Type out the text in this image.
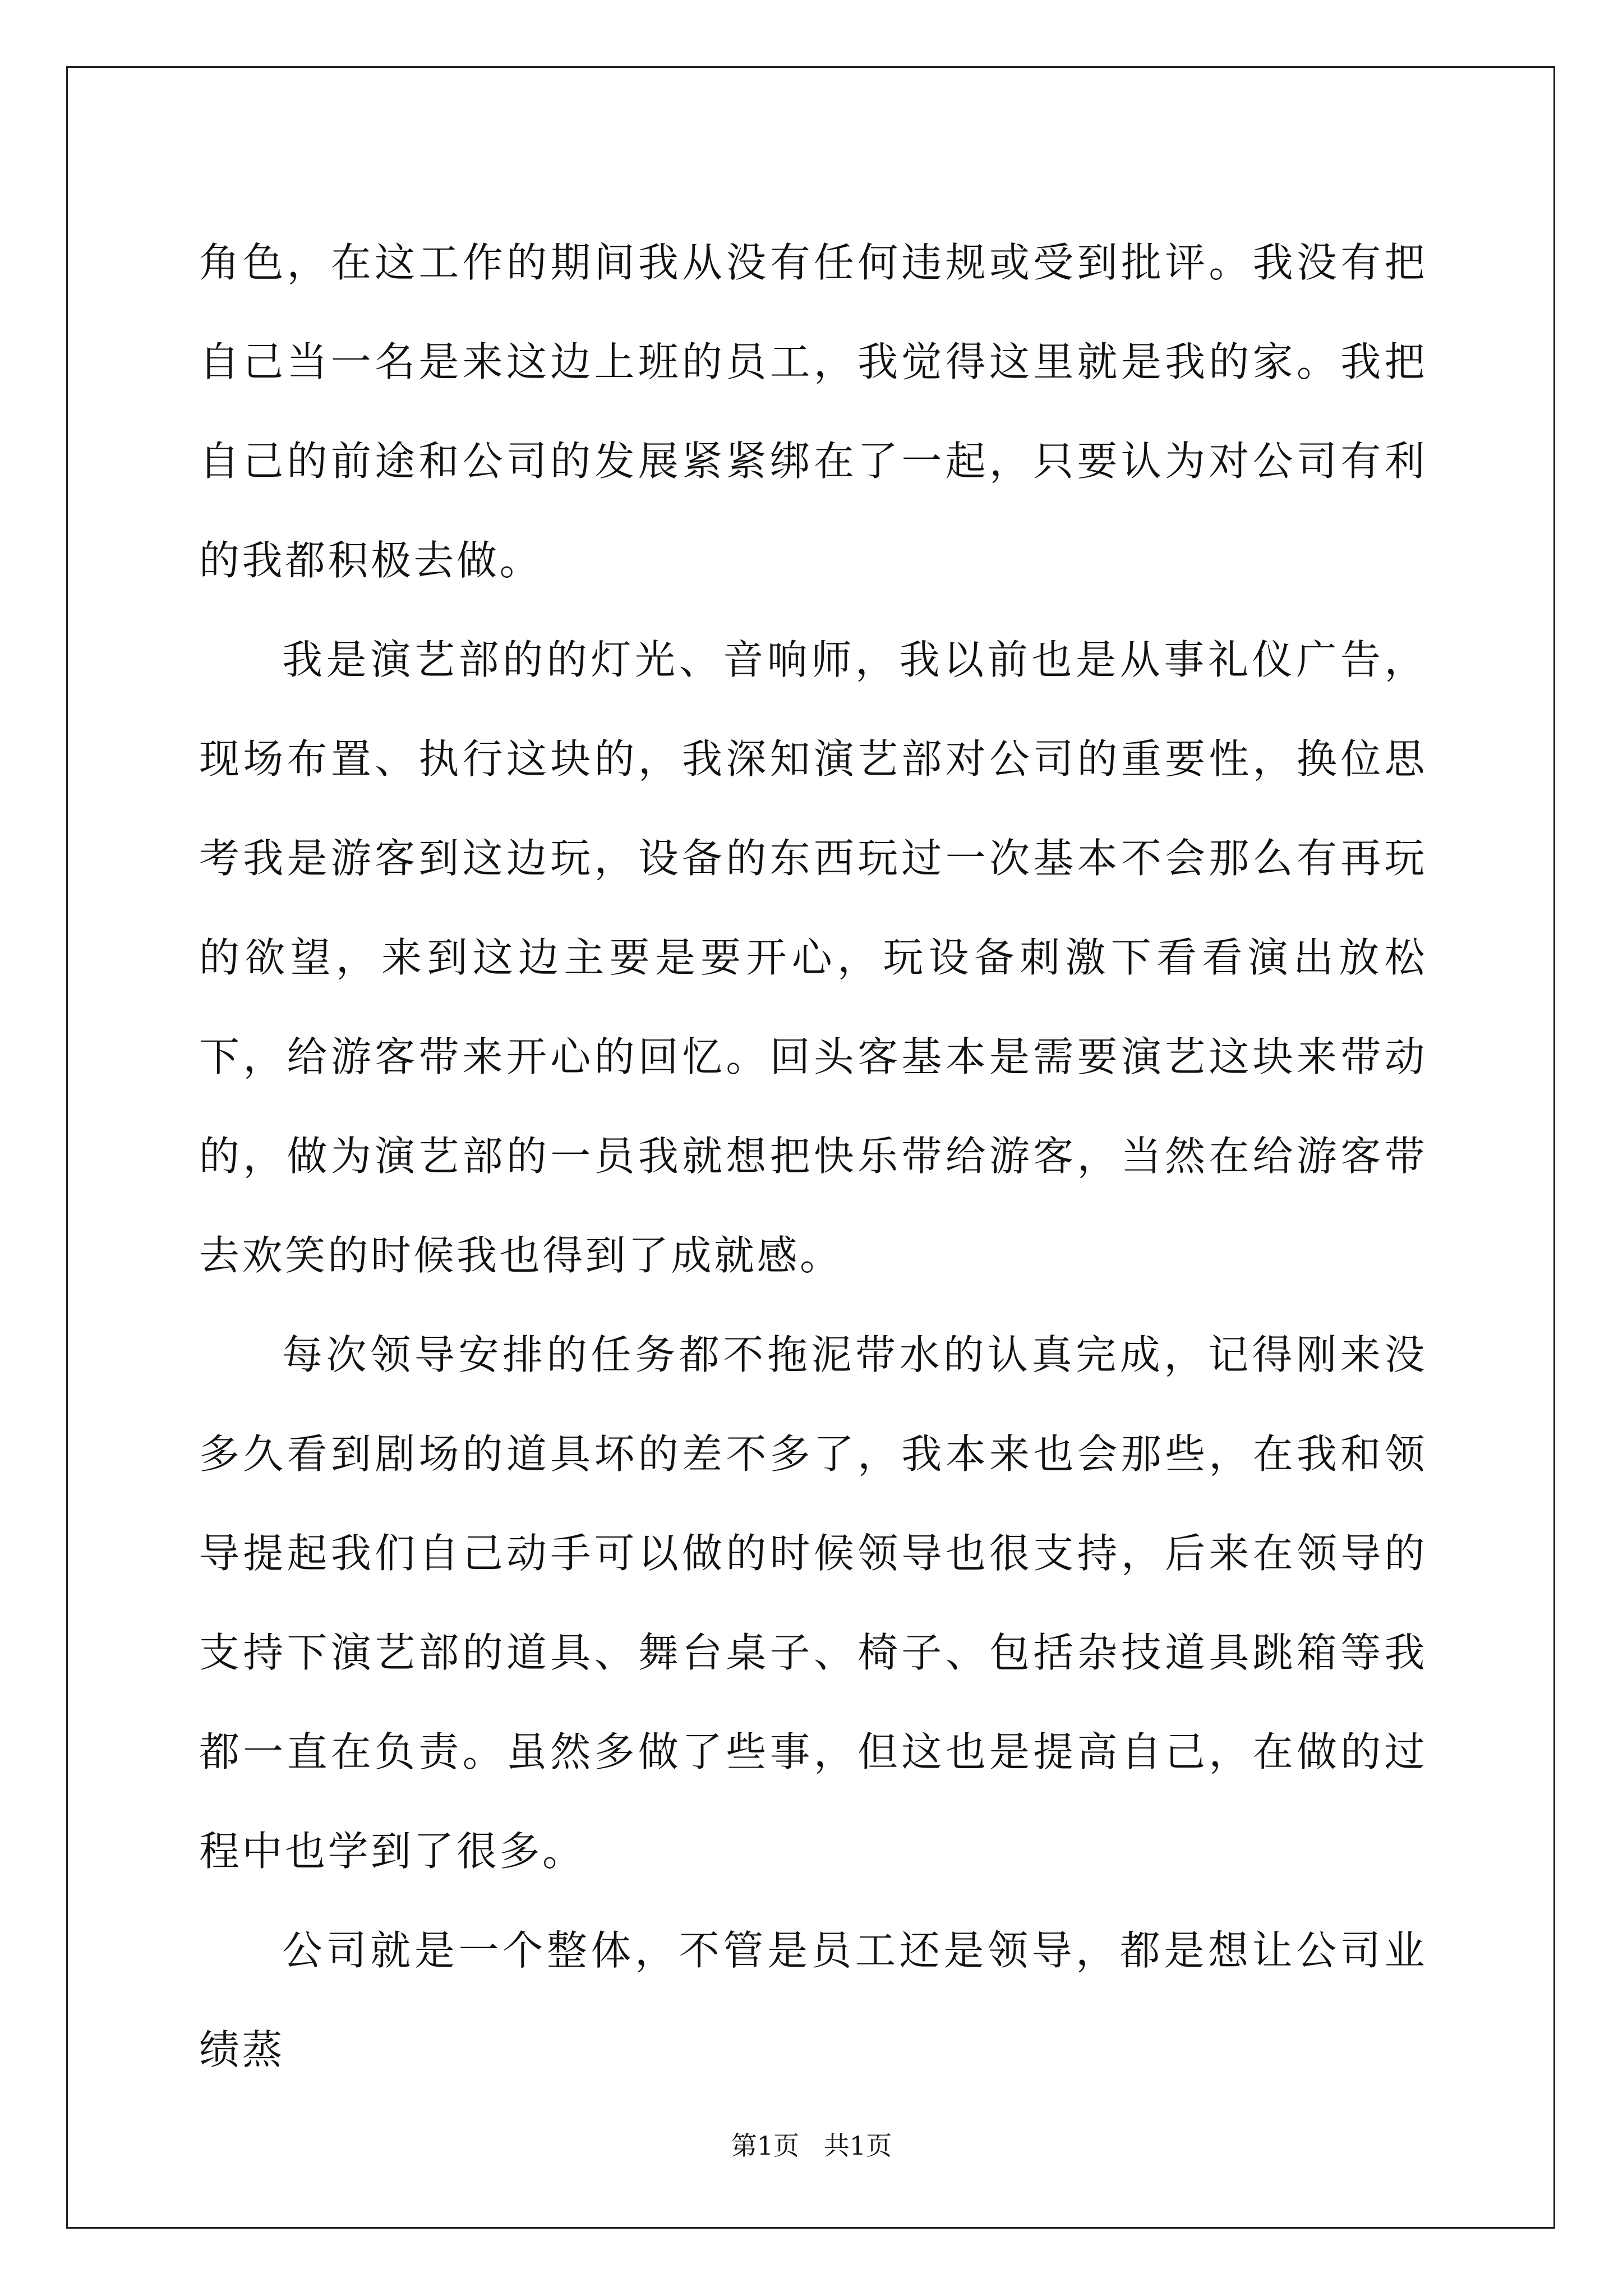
角色，在这工作的期间我从没有任何违规或受到批评。我没有把自己当一名是来这边上班的员工，我觉得这里就是我的家。我把自己的前途和公司的发展紧紧绑在了一起，只要认为对公司有利的我都积极去做。

我是演艺部的的灯光、音响师，我以前也是从事礼仪广告，现场布置、执行这块的，我深知演艺部对公司的重要性，换位思考我是游客到这边玩，设备的东西玩过一次基本不会那么有再玩的欲望，来到这边主要是要开心，玩设备刺激下看看演出放松下，给游客带来开心的回忆。回头客基本是需要演艺这块来带动的，做为演艺部的一员我就想把快乐带给游客，当然在给游客带去欢笑的时候我也得到了成就感。

每次领导安排的任务都不拖泥带水的认真完成，记得刚来没多久看到剧场的道具坏的差不多了，我本来也会那些，在我和领导提起我们自己动手可以做的时候领导也很支持，后来在领导的支持下演艺部的道具、舞台桌子、椅子、包括杂技道具跳箱等我都一直在负责。虽然多做了些事，但这也是提高自己，在做的过程中也学到了很多。

公司就是一个整体，不管是员工还是领导，都是想让公司业绩蒸

第1页   共1页
